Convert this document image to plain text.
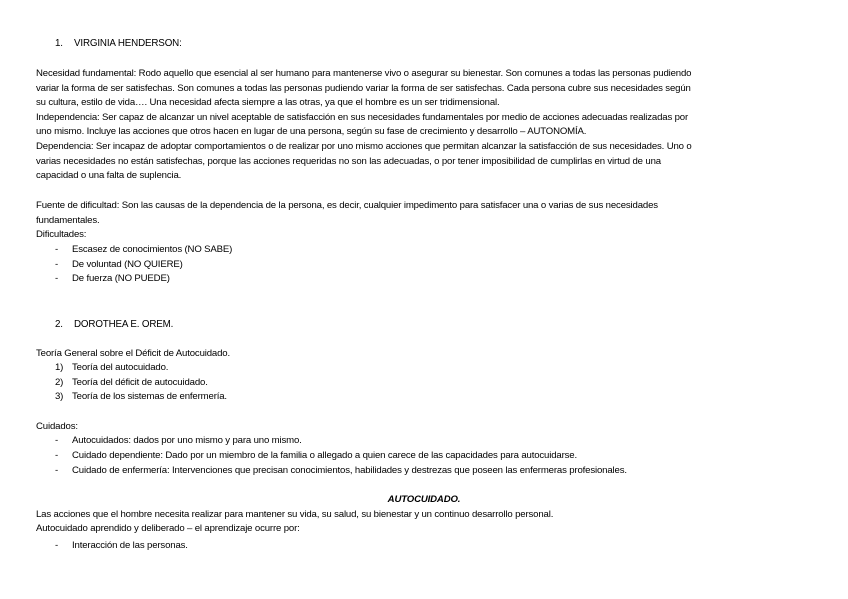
1. VIRGINIA HENDERSON:
Necesidad fundamental: Rodo aquello que esencial al ser humano para mantenerse vivo o asegurar su bienestar. Son comunes a todas las personas pudiendo
variar la forma de ser satisfechas. Son comunes a todas las personas pudiendo variar la forma de ser satisfechas. Cada persona cubre sus necesidades según
su cultura, estilo de vida…. Una necesidad afecta siempre a las otras, ya que el hombre es un ser tridimensional.
Independencia: Ser capaz de alcanzar un nivel aceptable de satisfacción en sus necesidades fundamentales por medio de acciones adecuadas realizadas por
uno mismo. Incluye las acciones que otros hacen en lugar de una persona, según su fase de crecimiento y desarrollo – AUTONOMÍA.
Dependencia: Ser incapaz de adoptar comportamientos o de realizar por uno mismo acciones que permitan alcanzar la satisfacción de sus necesidades. Uno o
varias necesidades no están satisfechas, porque las acciones requeridas no son las adecuadas, o por tener imposibilidad de cumplirlas en virtud de una
capacidad o una falta de suplencia.
Fuente de dificultad: Son las causas de la dependencia de la persona, es decir, cualquier impedimento para satisfacer una o varias de sus necesidades
fundamentales.
Dificultades:
- Escasez de conocimientos (NO SABE)
- De voluntad (NO QUIERE)
- De fuerza (NO PUEDE)
2. DOROTHEA E. OREM.
Teoría General sobre el Déficit de Autocuidado.
1) Teoría del autocuidado.
2) Teoría del déficit de autocuidado.
3) Teoría de los sistemas de enfermería.
Cuidados:
- Autocuidados: dados por uno mismo y para uno mismo.
- Cuidado dependiente: Dado por un miembro de la familia o allegado a quien carece de las capacidades para autocuidarse.
- Cuidado de enfermería: Intervenciones que precisan conocimientos, habilidades y destrezas que poseen las enfermeras profesionales.
AUTOCUIDADO.
Las acciones que el hombre necesita realizar para mantener su vida, su salud, su bienestar y un continuo desarrollo personal.
Autocuidado aprendido y deliberado – el aprendizaje ocurre por:
- Interacción de las personas.
